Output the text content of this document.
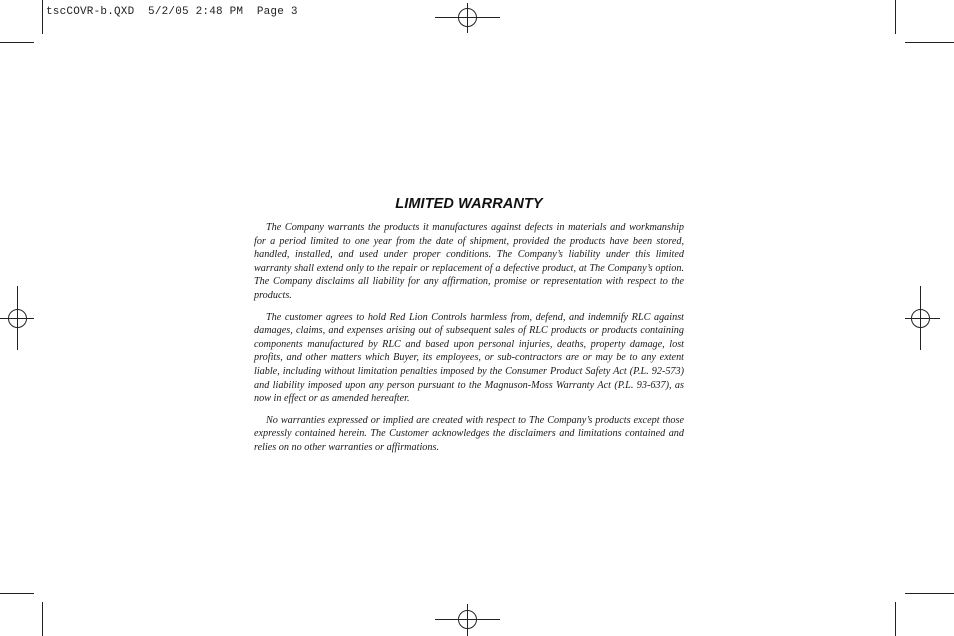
tscCOVR-b.QXD  5/2/05 2:48 PM  Page 3
LIMITED WARRANTY

The Company warrants the products it manufactures against defects in materials and workmanship for a period limited to one year from the date of shipment, provided the products have been stored, handled, installed, and used under proper conditions. The Company’s liability under this limited warranty shall extend only to the repair or replacement of a defective product, at The Company’s option. The Company disclaims all liability for any affirmation, promise or representation with respect to the products.

The customer agrees to hold Red Lion Controls harmless from, defend, and indemnify RLC against damages, claims, and expenses arising out of subsequent sales of RLC products or products containing components manufactured by RLC and based upon personal injuries, deaths, property damage, lost profits, and other matters which Buyer, its employees, or sub-contractors are or may be to any extent liable, including without limitation penalties imposed by the Consumer Product Safety Act (P.L. 92-573) and liability imposed upon any person pursuant to the Magnuson-Moss Warranty Act (P.L. 93-637), as now in effect or as amended hereafter.

No warranties expressed or implied are created with respect to The Company’s products except those expressly contained herein. The Customer acknowledges the disclaimers and limitations contained and relies on no other warranties or affirmations.
